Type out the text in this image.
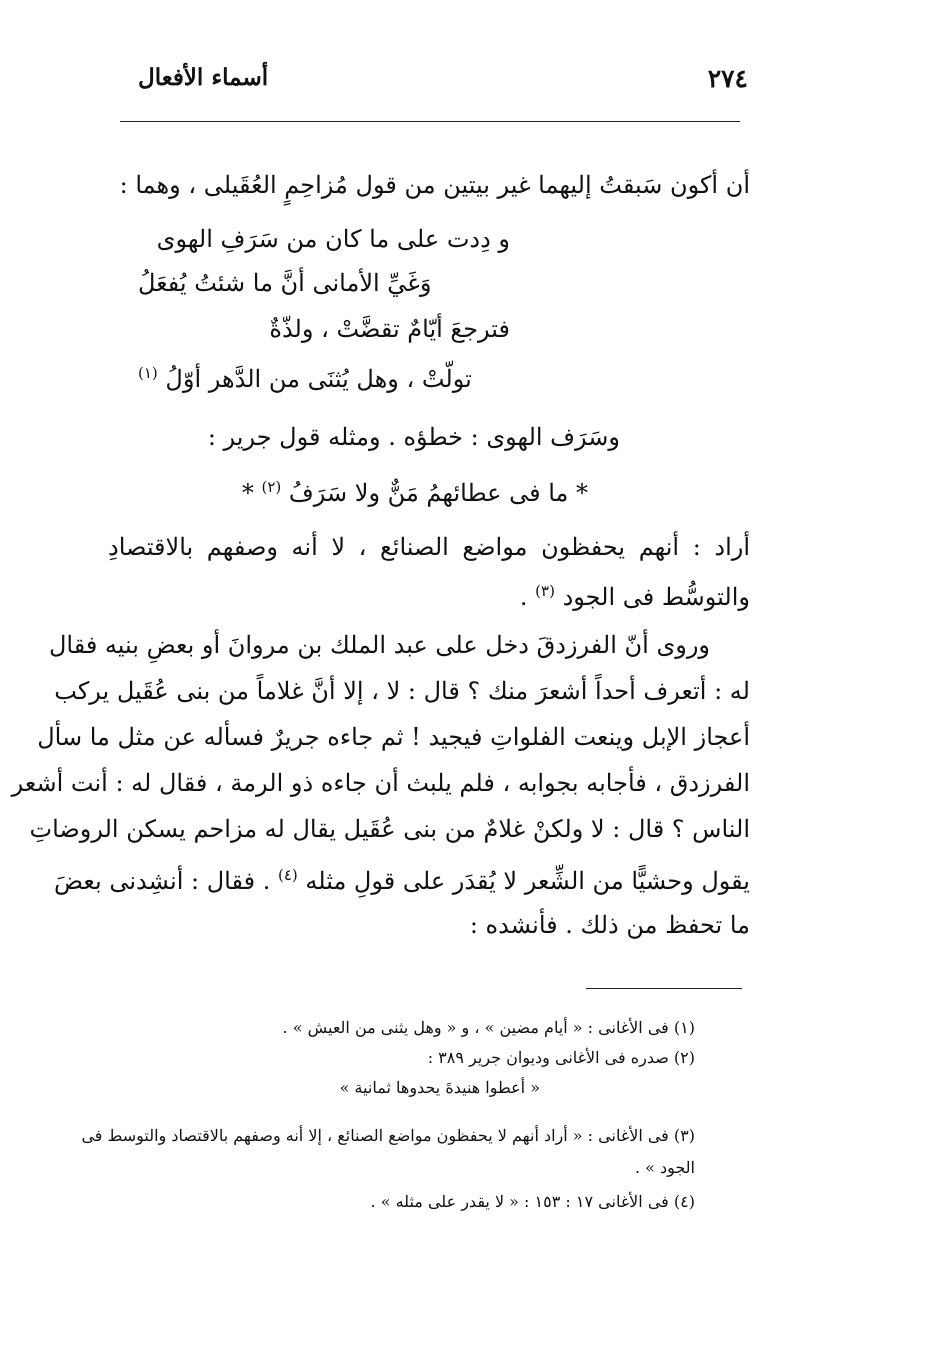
٢٧٤
أسماء الأفعال
أن أكون سَبقتُ إليهما غير بيتين من قول مُزاحِمٍ العُقَيلى ، وهما :
و دِدت على ما كان من سَرَفِ الهوى
وَغَيِّ الأمانى أنَّ ما شئتُ يُفعَلُ
فترجعَ أيّامٌ تقضَّتْ ، ولذّةٌ
تولّتْ ، وهل يُثنَى من الدَّهر أوّلُ $^{(١)}$
وسَرَف الهوى : خطؤه . ومثله قول جرير :
* ما فى عطائهمُ مَنٌّ ولا سَرَفُ $^{(٢)}$ *
أراد : أنهم يحفظون مواضع الصنائع ، لا أنه وصفهم بالاقتصادِ
والتوسُّط فى الجود $^{(٣)}$ .
وروى أنّ الفرزدقَ دخل على عبد الملك بن مروانَ أو بعضِ بنيه فقال
له : أتعرف أحداً أشعرَ منك ؟ قال : لا ، إلا أنَّ غلاماً من بنى عُقَيل يركب
أعجاز الإبل وينعت الفلواتِ فيجيد ! ثم جاءه جريرٌ فسأله عن مثل ما سأل
الفرزدق ، فأجابه بجوابه ، فلم يلبث أن جاءه ذو الرمة ، فقال له : أنت أشعر
الناس ؟ قال : لا ولكنْ غلامٌ من بنى عُقَيل يقال له مزاحم يسكن الروضاتِ
يقول وحشيًّا من الشِّعر لا يُقدَر على قولِ مثله $^{(٤)}$ . فقال : أنشِدنى بعضَ
ما تحفظ من ذلك . فأنشده :
(١) فى الأغانى : « أيام مضين » ، و « وهل يثنى من العيش » .
(٢) صدره فى الأغانى وديوان جرير ٣٨٩ :
« أعطوا هنيدةَ يحدوها ثمانية »
(٣) فى الأغانى : « أراد أنهم لا يحفظون مواضع الصنائع ، إلا أنه وصفهم بالاقتصاد والتوسط فى
الجود » .
(٤) فى الأغانى ١٧ : ١٥٣ : « لا يقدر على مثله » .
